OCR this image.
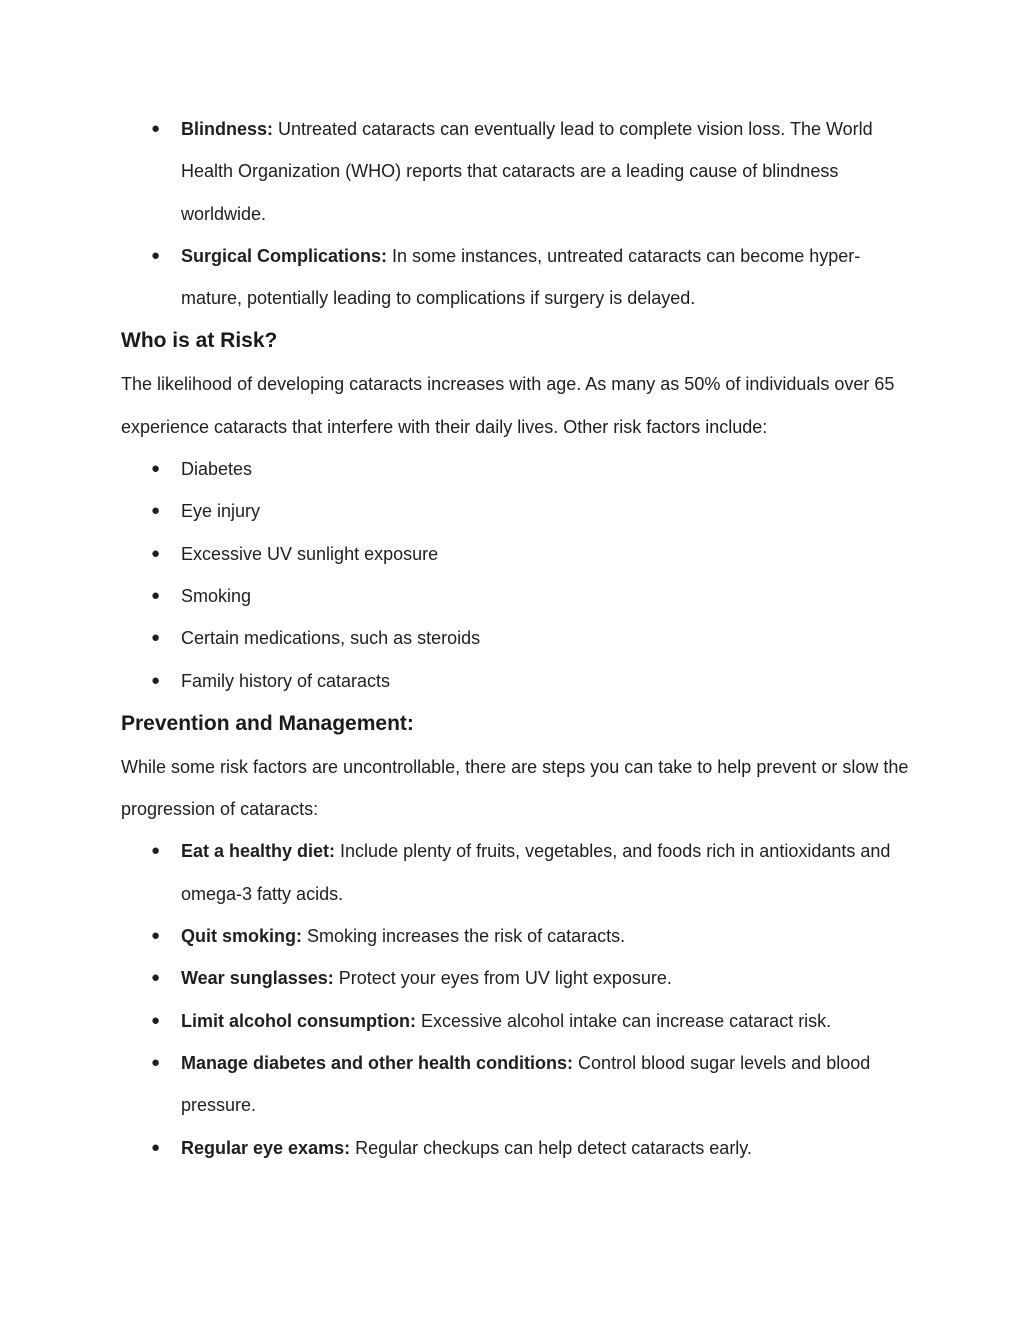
● Blindness: Untreated cataracts can eventually lead to complete vision loss. The World Health Organization (WHO) reports that cataracts are a leading cause of blindness worldwide.
● Surgical Complications: In some instances, untreated cataracts can become hyper-mature, potentially leading to complications if surgery is delayed.
Who is at Risk?

The likelihood of developing cataracts increases with age. As many as 50% of individuals over 65 experience cataracts that interfere with their daily lives. Other risk factors include:

● Diabetes
● Eye injury
● Excessive UV sunlight exposure
● Smoking
● Certain medications, such as steroids
● Family history of cataracts
Prevention and Management:

While some risk factors are uncontrollable, there are steps you can take to help prevent or slow the progression of cataracts:

● Eat a healthy diet: Include plenty of fruits, vegetables, and foods rich in antioxidants and omega-3 fatty acids.
● Quit smoking: Smoking increases the risk of cataracts.
● Wear sunglasses: Protect your eyes from UV light exposure.
● Limit alcohol consumption: Excessive alcohol intake can increase cataract risk.
● Manage diabetes and other health conditions: Control blood sugar levels and blood pressure.
● Regular eye exams: Regular checkups can help detect cataracts early.
